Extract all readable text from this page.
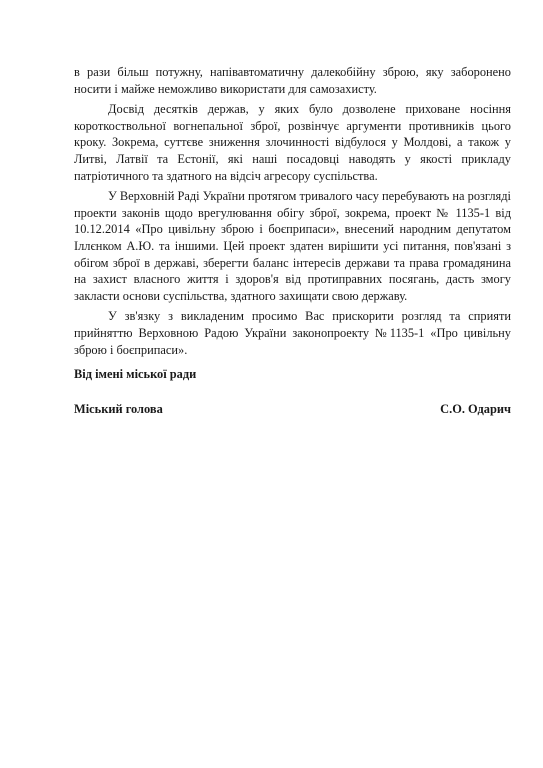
в рази більш потужну, напівавтоматичну далекобійну зброю, яку заборонено носити і майже неможливо використати для самозахисту.

Досвід десятків держав, у яких було дозволене приховане носіння короткоствольної вогнепальної зброї, розвінчує аргументи противників цього кроку. Зокрема, суттєве зниження злочинності відбулося у Молдові, а також у Литві, Латвії та Естонії, які наші посадовці наводять у якості прикладу патріотичного та здатного на відсіч агресору суспільства.

У Верховній Раді України протягом тривалого часу перебувають на розгляді проекти законів щодо врегулювання обігу зброї, зокрема, проект № 1135-1 від 10.12.2014 «Про цивільну зброю і боєприпаси», внесений народним депутатом Іллєнком А.Ю. та іншими. Цей проект здатен вирішити усі питання, пов'язані з обігом зброї в державі, зберегти баланс інтересів держави та права громадянина на захист власного життя і здоров'я від протиправних посягань, дасть змогу закласти основи суспільства, здатного захищати свою державу.

У зв'язку з викладеним просимо Вас прискорити розгляд та сприяти прийняттю Верховною Радою України законопроекту №1135-1 «Про цивільну зброю і боєприпаси».

Від імені міської ради
Міський голова	С.О. Одарич
